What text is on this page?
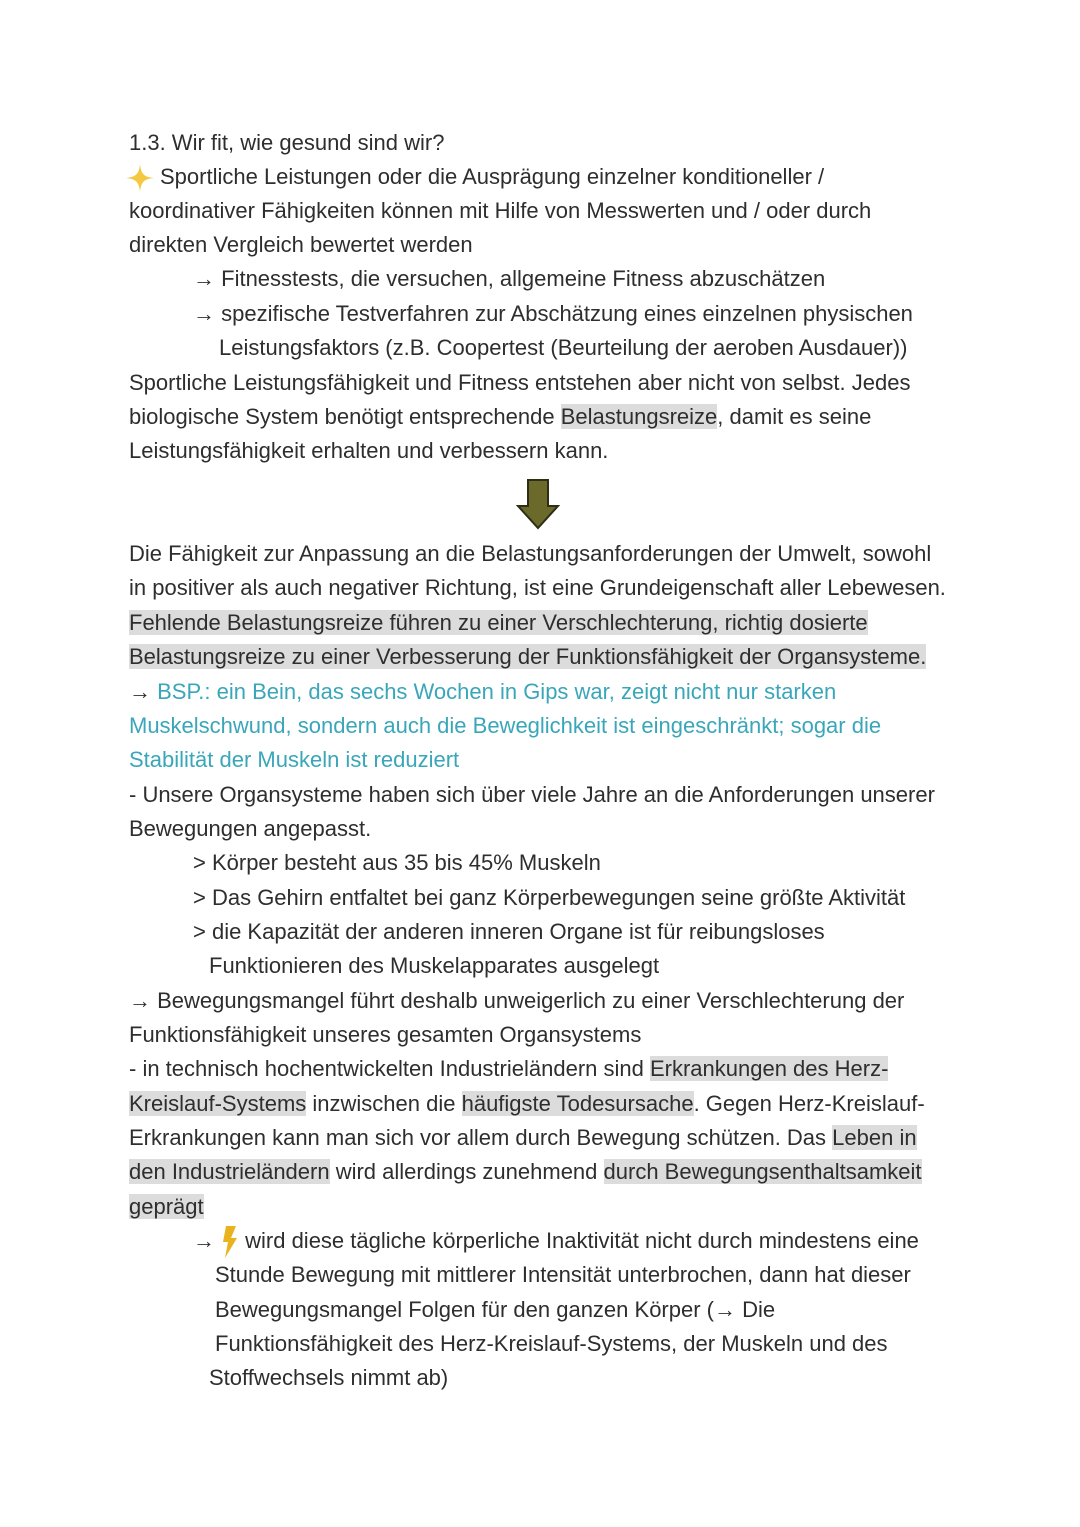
1.3. Wir fit, wie gesund sind wir?
Sportliche Leistungen oder die Ausprägung einzelner konditioneller /
koordinativer Fähigkeiten können mit Hilfe von Messwerten und / oder durch
direkten Vergleich bewertet werden
→ Fitnesstests, die versuchen, allgemeine Fitness abzuschätzen
→ spezifische Testverfahren zur Abschätzung eines einzelnen physischen
Leistungsfaktors (z.B. Coopertest (Beurteilung der aeroben Ausdauer))
Sportliche Leistungsfähigkeit und Fitness entstehen aber nicht von selbst. Jedes
biologische System benötigt entsprechende Belastungsreize, damit es seine
Leistungsfähigkeit erhalten und verbessern kann.
Die Fähigkeit zur Anpassung an die Belastungsanforderungen der Umwelt, sowohl
in positiver als auch negativer Richtung, ist eine Grundeigenschaft aller Lebewesen.
Fehlende Belastungsreize führen zu einer Verschlechterung, richtig dosierte
Belastungsreize zu einer Verbesserung der Funktionsfähigkeit der Organsysteme.
→ BSP.: ein Bein, das sechs Wochen in Gips war, zeigt nicht nur starken
Muskelschwund, sondern auch die Beweglichkeit ist eingeschränkt; sogar die
Stabilität der Muskeln ist reduziert
- Unsere Organsysteme haben sich über viele Jahre an die Anforderungen unserer
Bewegungen angepasst.
> Körper besteht aus 35 bis 45% Muskeln
> Das Gehirn entfaltet bei ganz Körperbewegungen seine größte Aktivität
> die Kapazität der anderen inneren Organe ist für reibungsloses
Funktionieren des Muskelapparates ausgelegt
→ Bewegungsmangel führt deshalb unweigerlich zu einer Verschlechterung der
Funktionsfähigkeit unseres gesamten Organsystems
- in technisch hochentwickelten Industrieländern sind Erkrankungen des Herz-
Kreislauf-Systems inzwischen die häufigste Todesursache. Gegen Herz-Kreislauf-
Erkrankungen kann man sich vor allem durch Bewegung schützen. Das Leben in
den Industrieländern wird allerdings zunehmend durch Bewegungsenthaltsamkeit
geprägt
→ wird diese tägliche körperliche Inaktivität nicht durch mindestens eine
Stunde Bewegung mit mittlerer Intensität unterbrochen, dann hat dieser
Bewegungsmangel Folgen für den ganzen Körper (→ Die
Funktionsfähigkeit des Herz-Kreislauf-Systems, der Muskeln und des
Stoffwechsels nimmt ab)
